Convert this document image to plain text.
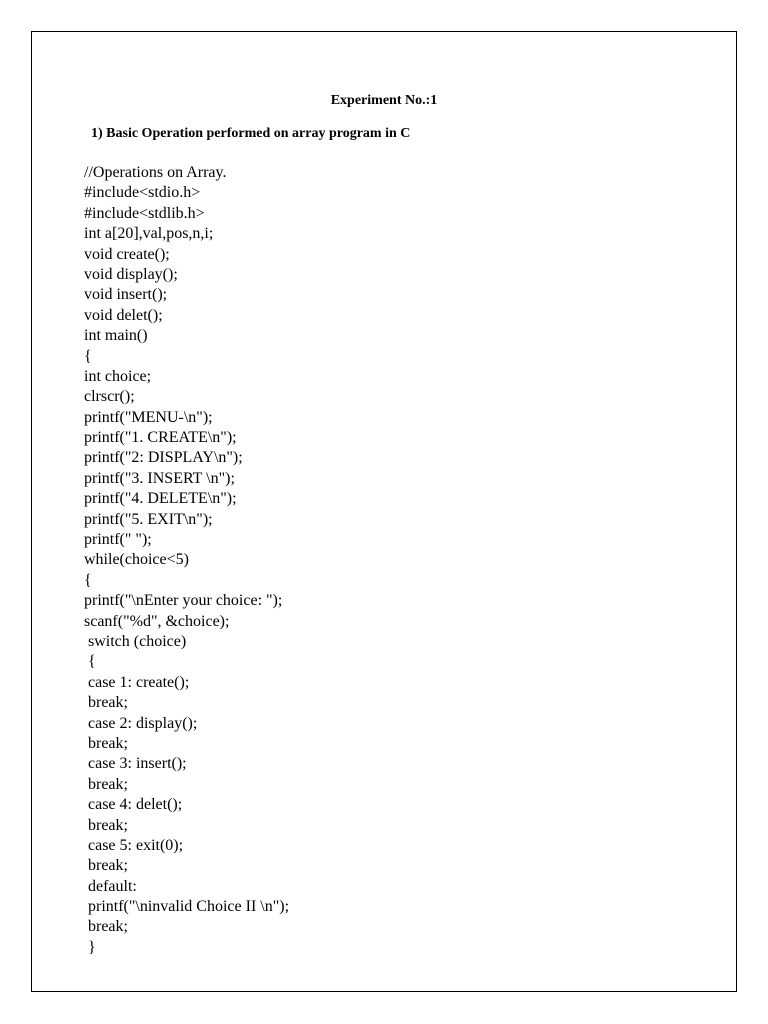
Experiment No.:1
1) Basic Operation performed on array program in C
//Operations on Array.
#include<stdio.h>
#include<stdlib.h>
int a[20],val,pos,n,i;
void create();
void display();
void insert();
void delet();
int main()
{
int choice;
clrscr();
printf("MENU-\n");
printf("1. CREATE\n");
printf("2: DISPLAY\n");
printf("3. INSERT \n");
printf("4. DELETE\n");
printf("5. EXIT\n");
printf(" ");
while(choice<5)
{
printf("\nEnter your choice: ");
scanf("%d", &choice);
switch (choice)
{
case 1: create();
break;
case 2: display();
break;
case 3: insert();
break;
case 4: delet();
break;
case 5: exit(0);
break;
default:
printf("\ninvalid Choice II \n");
break;
}
